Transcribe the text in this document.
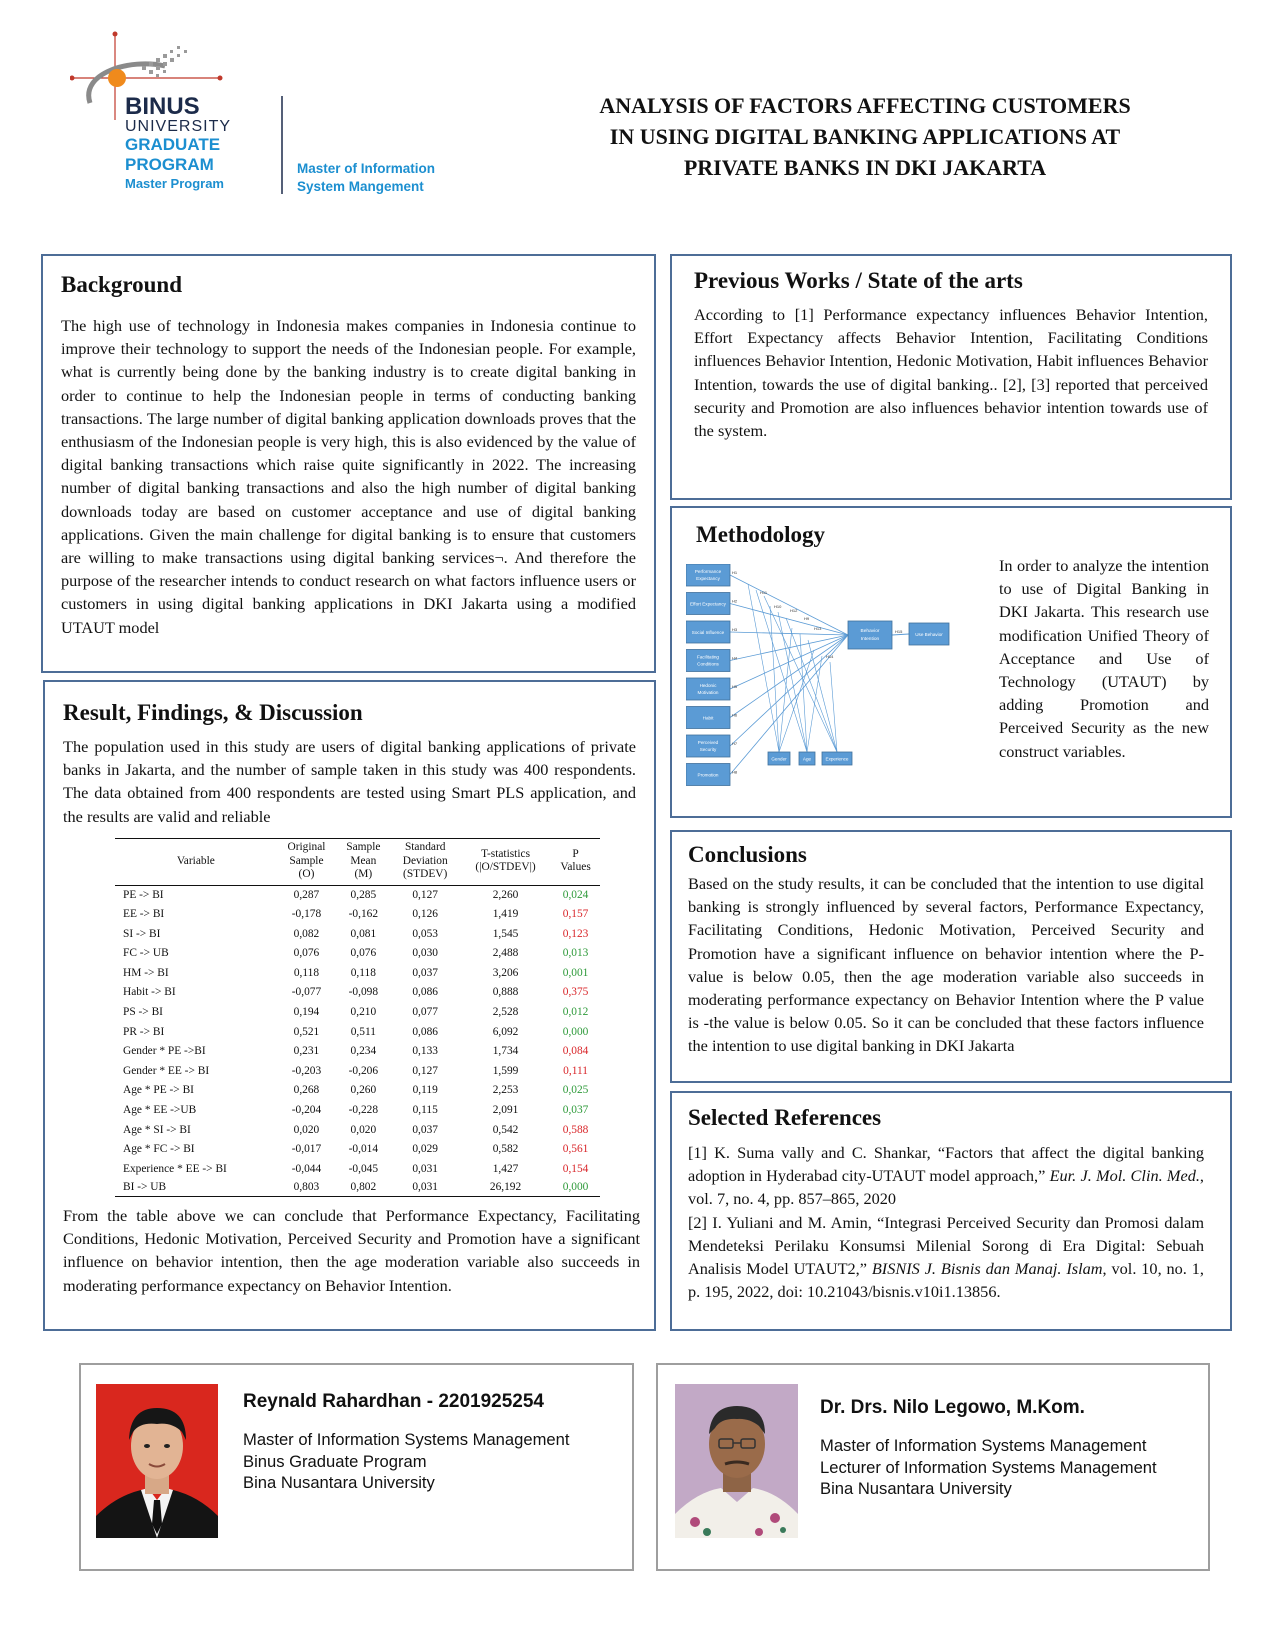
BINUS
UNIVERSITY
GRADUATE
PROGRAM
Master Program
Master of Information
System Mangement
ANALYSIS OF FACTORS AFFECTING CUSTOMERS IN USING DIGITAL BANKING APPLICATIONS AT PRIVATE BANKS IN DKI JAKARTA
Background

The high use of technology in Indonesia makes companies in Indonesia continue to improve their technology to support the needs of the Indonesian people. For example, what is currently being done by the banking industry is to create digital banking in order to continue to help the Indonesian people in terms of conducting banking transactions. The large number of digital banking application downloads proves that the enthusiasm of the Indonesian people is very high, this is also evidenced by the value of digital banking transactions which raise quite significantly in 2022. The increasing number of digital banking transactions and also the high number of digital banking downloads today are based on customer acceptance and use of digital banking applications. Given the main challenge for digital banking is to ensure that customers are willing to make transactions using digital banking services¬. And therefore the purpose of the researcher intends to conduct research on what factors influence users or customers in using digital banking applications in DKI Jakarta using a modified UTAUT model

Previous Works / State of the arts

According to [1] Performance expectancy influences Behavior Intention, Effort Expectancy affects Behavior Intention, Facilitating Conditions influences Behavior Intention, Hedonic Motivation, Habit influences Behavior Intention, towards the use of digital banking.. [2], [3] reported that perceived security and Promotion are also influences behavior intention towards use of the system.

Methodology
Performance
Expectancy
H1
Effort Expectancy
H2
Social Influence
H3
Facilitating
Conditions
H4
Hedonic
Motivation
H5
Habit
H6
Perceived
Security
H7
Promotion
H8
H11
H10
H12
H9
H13
H14
Behavior
Intention
Use Behavior
H15
Gender	Age	Experience

In order to analyze the intention to use of Digital Banking in DKI Jakarta. This research use modification Unified Theory of Acceptance and Use of Technology (UTAUT) by adding Promotion and Perceived Security as the new construct variables.

Result, Findings, & Discussion

The population used in this study are users of digital banking applications of private banks in Jakarta, and the number of sample taken in this study was 400 respondents. The data obtained from 400 respondents are tested using Smart PLS application, and the results are valid and reliable

Variable	Original
Sample
(O)	Sample
Mean
(M)	Standard
Deviation
(STDEV)	T-statistics
(|O/STDEV|)	P
Values
PE -> BI	0,287	0,285	0,127	2,260	0,024
EE -> BI	-0,178	-0,162	0,126	1,419	0,157
SI -> BI	0,082	0,081	0,053	1,545	0,123
FC -> UB	0,076	0,076	0,030	2,488	0,013
HM -> BI	0,118	0,118	0,037	3,206	0,001
Habit -> BI	-0,077	-0,098	0,086	0,888	0,375
PS -> BI	0,194	0,210	0,077	2,528	0,012
PR -> BI	0,521	0,511	0,086	6,092	0,000
Gender * PE ->BI	0,231	0,234	0,133	1,734	0,084
Gender * EE -> BI	-0,203	-0,206	0,127	1,599	0,111
Age * PE -> BI	0,268	0,260	0,119	2,253	0,025
Age * EE ->UB	-0,204	-0,228	0,115	2,091	0,037
Age * SI -> BI	0,020	0,020	0,037	0,542	0,588
Age * FC -> BI	-0,017	-0,014	0,029	0,582	0,561
Experience * EE -> BI	-0,044	-0,045	0,031	1,427	0,154
BI -> UB	0,803	0,802	0,031	26,192	0,000

From the table above we can conclude that Performance Expectancy, Facilitating Conditions, Hedonic Motivation, Perceived Security and Promotion have a significant influence on behavior intention, then the age moderation variable also succeeds in moderating performance expectancy on Behavior Intention.

Conclusions

Based on the study results, it can be concluded that the intention to use digital banking is strongly influenced by several factors, Performance Expectancy, Facilitating Conditions, Hedonic Motivation, Perceived Security and Promotion have a significant influence on behavior intention where the P-value is below 0.05, then the age moderation variable also succeeds in moderating performance expectancy on Behavior Intention where the P value is -the value is below 0.05. So it can be concluded that these factors influence the intention to use digital banking in DKI Jakarta

Selected References

[1] K. Suma vally and C. Shankar, “Factors that affect the digital banking adoption in Hyderabad city-UTAUT model approach,” Eur. J. Mol. Clin. Med., vol. 7, no. 4, pp. 857–865, 2020

[2] I. Yuliani and M. Amin, “Integrasi Perceived Security dan Promosi dalam Mendeteksi Perilaku Konsumsi Milenial Sorong di Era Digital: Sebuah Analisis Model UTAUT2,” BISNIS J. Bisnis dan Manaj. Islam, vol. 10, no. 1, p. 195, 2022, doi: 10.21043/bisnis.v10i1.13856.

Reynald Rahardhan - 2201925254
Master of Information Systems Management
Binus Graduate Program
Bina Nusantara University
Dr. Drs. Nilo Legowo, M.Kom.
Master of Information Systems Management
Lecturer of Information Systems Management
Bina Nusantara University
